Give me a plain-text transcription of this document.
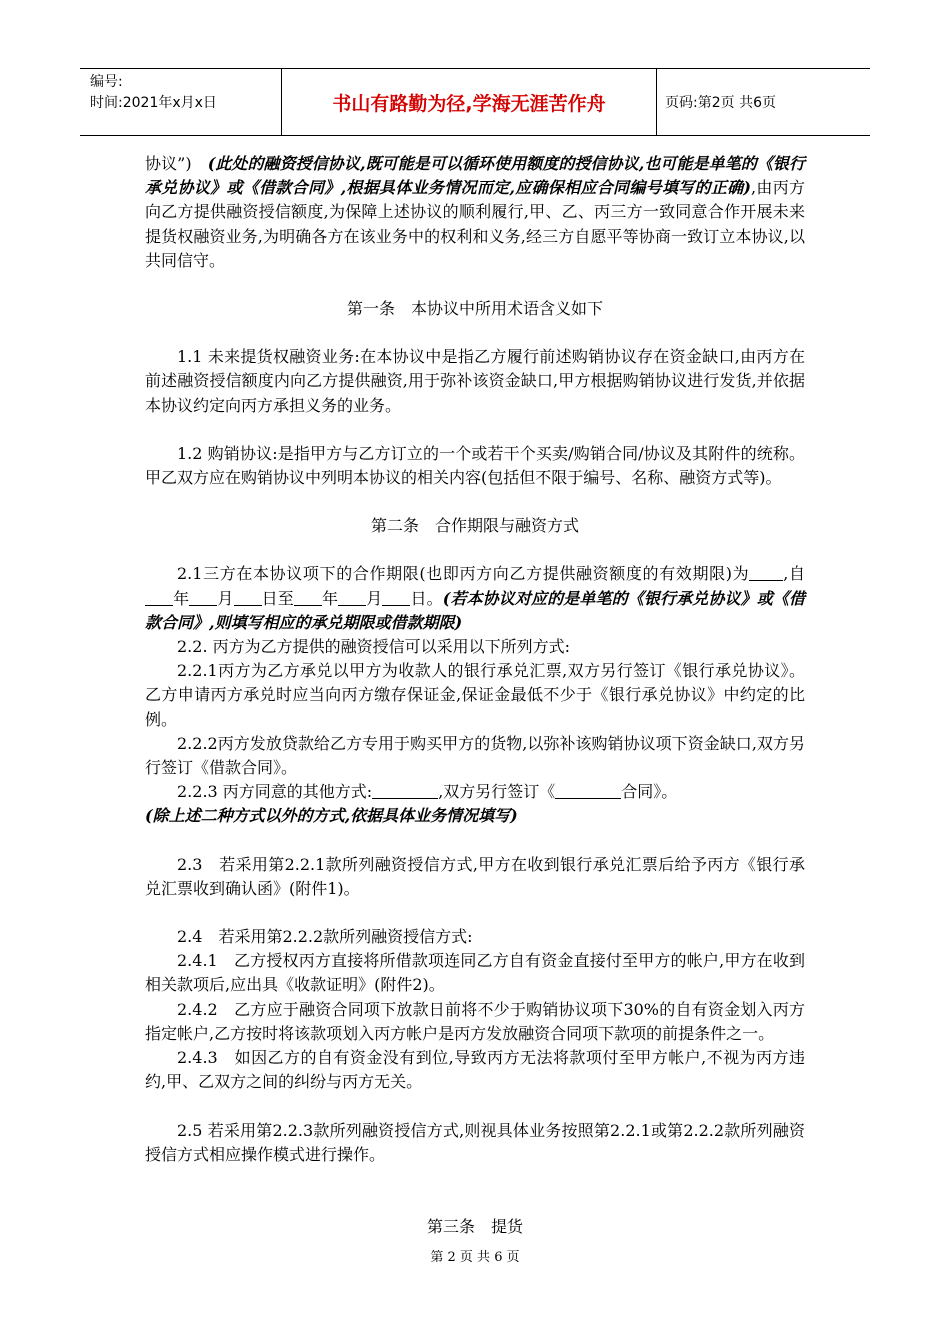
编号:
时间:2021年x月x日	书山有路勤为径,学海无涯苦作舟	页码:第2页 共6页

协议”)　 (此处的融资授信协议,既可能是可以循环使用额度的授信协议,也可能是单笔的《银行承兑协议》或《借款合同》,根据具体业务情况而定,应确保相应合同编号填写的正确),由丙方向乙方提供融资授信额度,为保障上述协议的顺利履行,甲、乙、丙三方一致同意合作开展未来提货权融资业务,为明确各方在该业务中的权利和义务,经三方自愿平等协商一致订立本协议,以共同信守。

第一条　本协议中所用术语含义如下

1.1 未来提货权融资业务:在本协议中是指乙方履行前述购销协议存在资金缺口,由丙方在前述融资授信额度内向乙方提供融资,用于弥补该资金缺口,甲方根据购销协议进行发货,并依据本协议约定向丙方承担义务的业务。

1.2 购销协议:是指甲方与乙方订立的一个或若干个买卖/购销合同/协议及其附件的统称。甲乙双方应在购销协议中列明本协议的相关内容(包括但不限于编号、名称、融资方式等)。

第二条　合作期限与融资方式

2.1三方在本协议项下的合作期限(也即丙方向乙方提供融资额度的有效期限)为 ,自年 月 日至 年 月 日。(若本协议对应的是单笔的《银行承兑协议》或《借款合同》,则填写相应的承兑期限或借款期限)

2.2. 丙方为乙方提供的融资授信可以采用以下所列方式:

2.2.1丙方为乙方承兑以甲方为收款人的银行承兑汇票,双方另行签订《银行承兑协议》。乙方申请丙方承兑时应当向丙方缴存保证金,保证金最低不少于《银行承兑协议》中约定的比例。

2.2.2丙方发放贷款给乙方专用于购买甲方的货物,以弥补该购销协议项下资金缺口,双方另行签订《借款合同》。

2.2.3 丙方同意的其他方式:	,双方另行签订《	合同》。

(除上述二种方式以外的方式,依据具体业务情况填写)

2.3　若采用第2.2.1款所列融资授信方式,甲方在收到银行承兑汇票后给予丙方《银行承兑汇票收到确认函》(附件1)。

2.4　若采用第2.2.2款所列融资授信方式:

2.4.1　乙方授权丙方直接将所借款项连同乙方自有资金直接付至甲方的帐户,甲方在收到相关款项后,应出具《收款证明》(附件2)。

2.4.2　乙方应于融资合同项下放款日前将不少于购销协议项下30%的自有资金划入丙方指定帐户,乙方按时将该款项划入丙方帐户是丙方发放融资合同项下款项的前提条件之一。

2.4.3　如因乙方的自有资金没有到位,导致丙方无法将款项付至甲方帐户,不视为丙方违约,甲、乙双方之间的纠纷与丙方无关。

2.5 若采用第2.2.3款所列融资授信方式,则视具体业务按照第2.2.1或第2.2.2款所列融资授信方式相应操作模式进行操作。

第三条　提货

第 2 页 共 6 页
